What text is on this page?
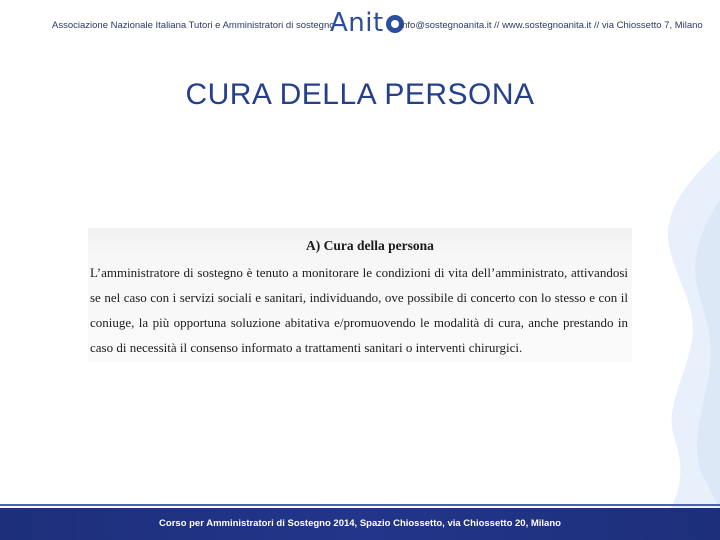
Associazione Nazionale Italiana Tutori e Amministratori di sostegno
Anit info@sostegnoanita.it // www.sostegnoanita.it // via Chiossetto 7, Milano
CURA DELLA PERSONA
A) Cura della persona
L’amministratore di sostegno è tenuto a monitorare le condizioni di vita dell’amministrato, attivandosi se nel caso con i servizi sociali e sanitari, individuando, ove possibile di concerto con lo stesso e con il coniuge, la più opportuna soluzione abitativa e/promuovendo le modalità di cura, anche prestando in caso di necessità il consenso informato a trattamenti sanitari o interventi chirurgici.
Corso per Amministratori di Sostegno 2014, Spazio Chiossetto, via Chiossetto 20, Milano
